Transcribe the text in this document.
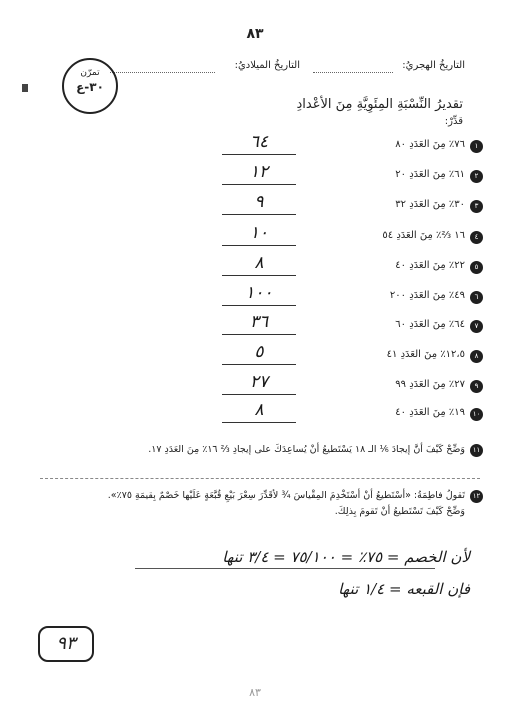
٨٣
التاريخُ الهجريُ:
التاريخُ الميلاديُ:
تمرّن
٣٠-ع
تقديرُ النِّسْبَةِ المِئَوِيَّةِ مِنَ الأعْدادِ
قدِّرْ:
١
٧٦٪ مِنَ العَدَدِ ٨٠
٦٤
٢
٦١٪ مِنَ العَدَدِ ٢٠
١٢
٣
٣٠٪ مِنَ العَدَدِ ٣٢
٩
٤
١٦ ⅔٪ مِنَ العَدَدِ ٥٤
١٠
٥
٢٢٪ مِنَ العَدَدِ ٤٠
٨
٦
٤٩٪ مِنَ العَدَدِ ٢٠٠
١٠٠
٧
٦٤٪ مِنَ العَدَدِ ٦٠
٣٦
٨
١٢،٥٪ مِنَ العَدَدِ ٤١
٥
٩
٢٧٪ مِنَ العَدَدِ ٩٩
٢٧
١٠
١٩٪ مِنَ العَدَدِ ٤٠
٨
١١
وَضِّحْ كَيْفَ أنَّ إيجادَ ⅙ الـ ١٨ يَسْتَطيعُ أنْ يُساعِدَكَ على إيجادِ ⅔ ١٦٪ مِنَ العَدَدِ ١٧.
١٢
تَقولُ فاطِمَةُ: «أسْتَطيعُ أنْ أسْتَخْدِمَ المِقْياسَ ¾ لأقَدِّرَ سِعْرَ بَيْعِ قُبَّعَةٍ عَلَيْها خَصْمٌ بِقيمَةِ ٧٥٪».
وَضِّحْ كَيْفَ تَسْتَطيعُ أنْ تَقومَ بِذلِكَ.
لأن الخصم = ٧٥٪ = ٧٥/١٠٠ = ٣/٤ تنها
فإن القبعه = ١/٤ تنها
٩٣
٨٣
